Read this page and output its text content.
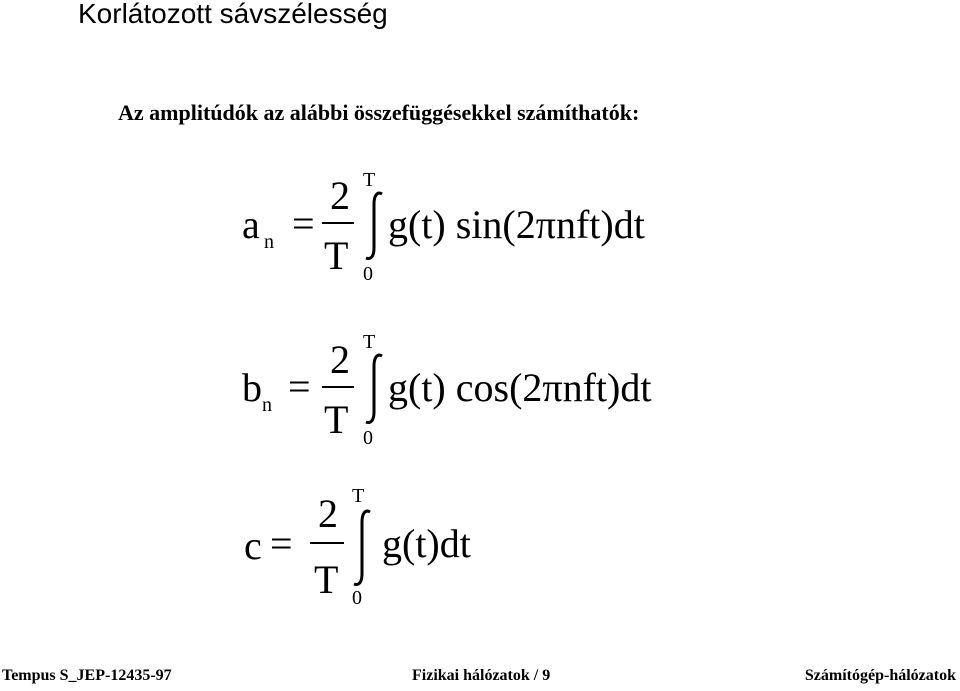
Korlátozott sávszélesség
Az amplitúdók az alábbi összefüggésekkel számíthatók:
a n =
2
T
T
0
g(t) sin(2πnft)dt
b n =
2
T
T
0
g(t) cos(2πnft)dt
c =
2
T
T
0
g(t)dt
Tempus S_JEP-12435-97	Fizikai hálózatok / 9	Számítógép-hálózatok
